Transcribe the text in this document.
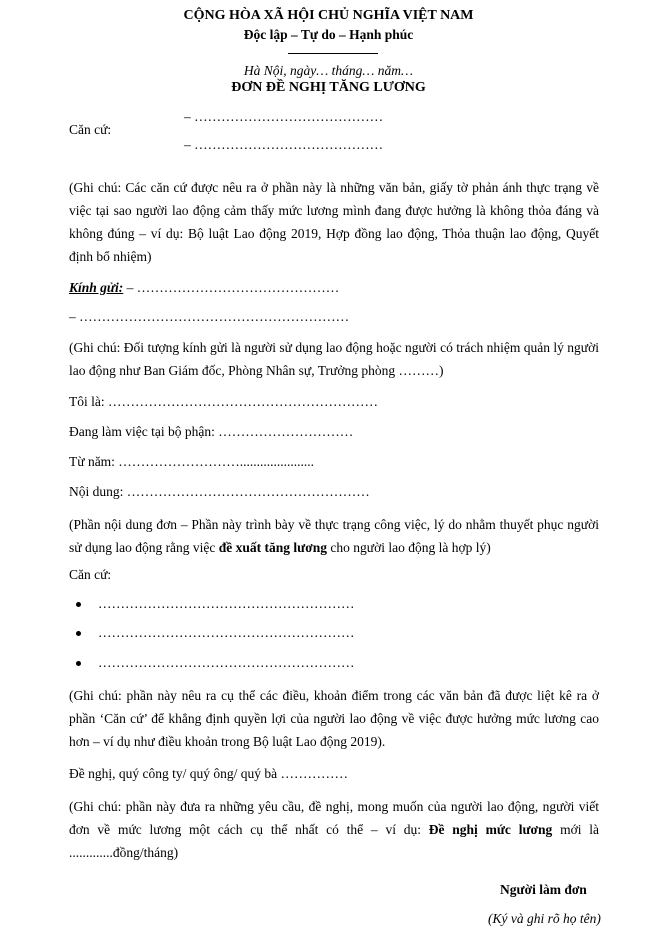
CỘNG HÒA XÃ HỘI CHỦ NGHĨA VIỆT NAM
Độc lập – Tự do – Hạnh phúc
Hà Nội, ngày… tháng… năm…
ĐƠN ĐỀ NGHỊ TĂNG LƯƠNG
Căn cứ:
– ……………………………………
– ……………………………………
(Ghi chú: Các căn cứ được nêu ra ở phần này là những văn bản, giấy tờ phản ánh thực trạng về việc tại sao người lao động cảm thấy mức lương mình đang được hưởng là không thỏa đáng và không đúng – ví dụ: Bộ luật Lao động 2019, Hợp đồng lao động, Thỏa thuận lao động, Quyết định bổ nhiệm)
Kính gửi: – ………………………………………
– ……………………………………………………
(Ghi chú: Đối tượng kính gửi là người sử dụng lao động hoặc người có trách nhiệm quản lý người lao động như Ban Giám đốc, Phòng Nhân sự, Trưởng phòng ………)
Tôi là: ……………………………………………………
Đang làm việc tại bộ phận: …………………………
Từ năm: ………………………......................
Nội dung: ………………………………………………
(Phần nội dung đơn – Phần này trình bày về thực trạng công việc, lý do nhằm thuyết phục người sử dụng lao động rằng việc đề xuất tăng lương cho người lao động là hợp lý)
Căn cứ:
…………………………………………………
…………………………………………………
…………………………………………………
(Ghi chú: phần này nêu ra cụ thể các điều, khoản điểm trong các văn bản đã được liệt kê ra ở phần ‘Căn cứ’ để khẳng định quyền lợi của người lao động về việc được hưởng mức lương cao hơn – ví dụ như điều khoản trong Bộ luật Lao động 2019).
Đề nghị, quý công ty/ quý ông/ quý bà ……………
(Ghi chú: phần này đưa ra những yêu cầu, đề nghị, mong muốn của người lao động, người viết đơn về mức lương một cách cụ thể nhất có thể – ví dụ: Đề nghị mức lương mới là .............đồng/tháng)
Người làm đơn
(Ký và ghi rõ họ tên)
